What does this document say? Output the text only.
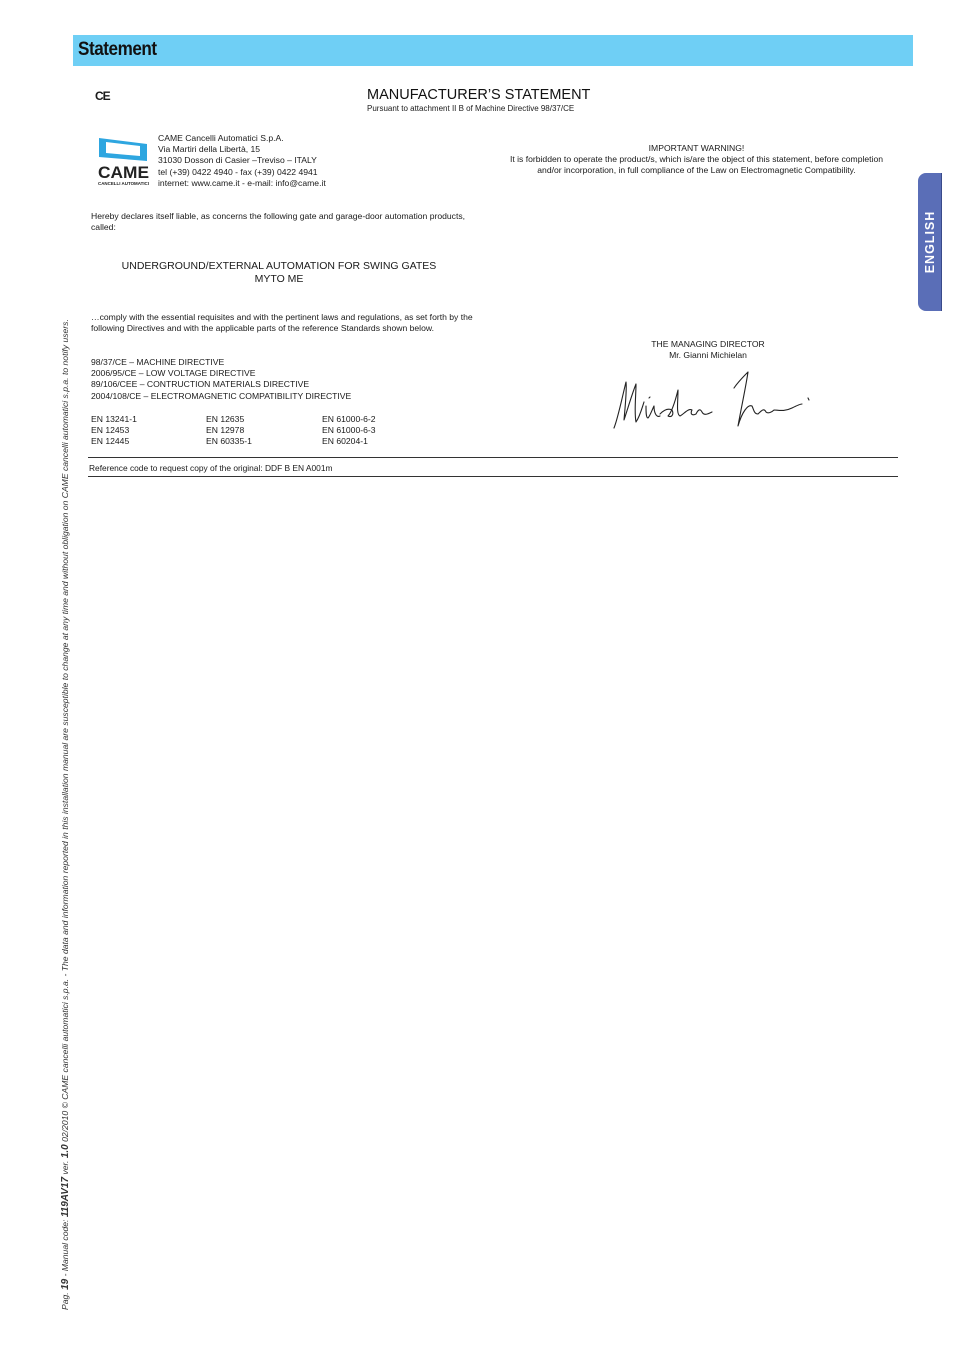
Statement
ENGLISH
CE	MANUFACTURER’S STATEMENT
Pursuant to attachment II B of Machine Directive 98/37/CE
CAME
CANCELLI AUTOMATICI
CAME Cancelli Automatici S.p.A.
Via Martiri della Libertà, 15
31030 Dosson di Casier –Treviso – ITALY
tel (+39) 0422 4940 - fax (+39) 0422 4941
internet: www.came.it - e-mail: info@came.it
IMPORTANT WARNING!
It is forbidden to operate the product/s, which is/are the object of this statement, before completion and/or incorporation, in full compliance of the Law on Electromagnetic Compatibility.
Hereby declares itself liable, as concerns the following gate and garage-door automation products, called:
UNDERGROUND/EXTERNAL AUTOMATION FOR SWING GATES
MYTO ME
…comply with the essential requisites and with the pertinent laws and regulations, as set forth by the following Directives and with the applicable parts of the reference Standards shown below.
98/37/CE – MACHINE DIRECTIVE
2006/95/CE – LOW VOLTAGE DIRECTIVE
89/106/CEE – CONTRUCTION MATERIALS DIRECTIVE
2004/108/CE – ELECTROMAGNETIC COMPATIBILITY DIRECTIVE
EN 13241-1
EN 12453
EN 12445
EN 12635
EN 12978
EN 60335-1
EN 61000-6-2
EN 61000-6-3
EN 60204-1
THE MANAGING DIRECTOR
Mr. Gianni Michielan
Reference code to request copy of the original: DDF B EN A001m
Pag. 19 - Manual code: 119AV17 ver. 1.0 02/2010 © CAME cancelli automatici s.p.a. - The data and information reported in this installation manual are susceptible to change at any time and without obligation on CAME cancelli automatici s.p.a. to notify users.
